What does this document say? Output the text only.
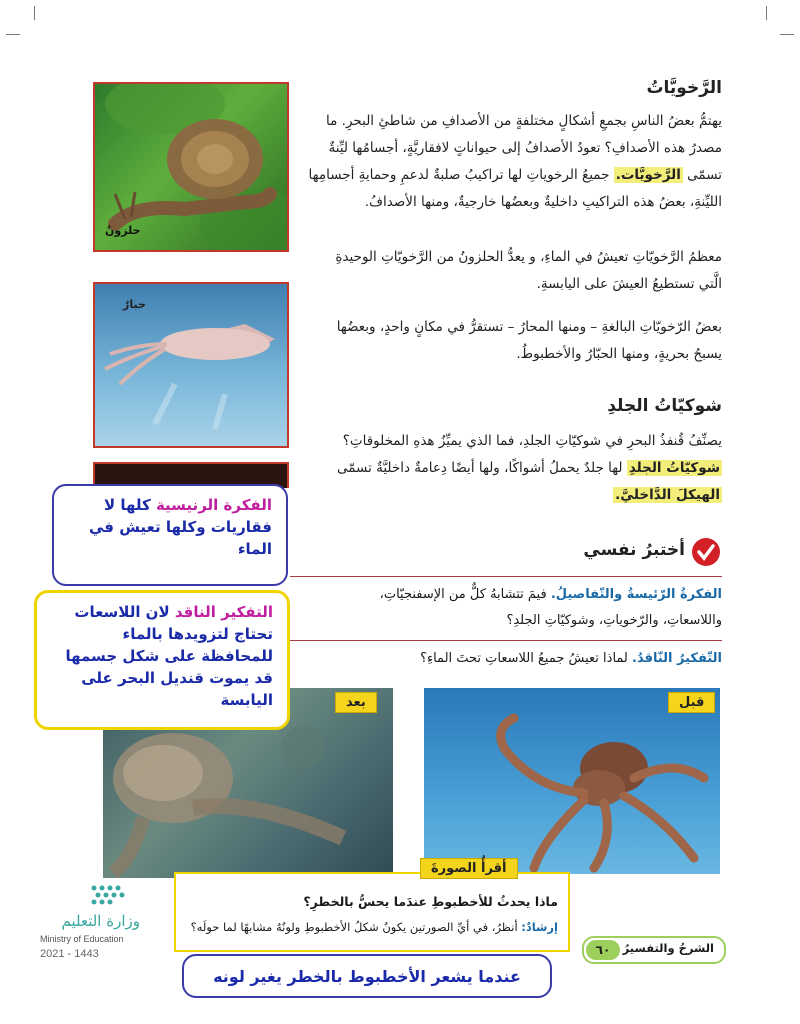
حلزونٌ
حبارٌ
الرَّخويَّاتُ
يهتمُّ بعضُ الناسِ بجمعِ أشكالٍ مختلفةٍ من الأصدافِ من شاطئِ البحرِ. ما
مصدرُ هذه الأصدافِ؟ تعودُ الأصدافُ إلى حيواناتٍ لافقاريَّةٍ، أجسامُها ليِّنةٌ
تسمّى الرَّخويَّات. جميعُ الرخوياتِ لها تراكيبُ صلبةٌ لدعمِ وحمايةِ أجسامِها
الليِّنةِ، بعضُ هذه التراكيبِ داخليةٌ وبعضُها خارجيةٌ، ومنها الأصدافُ.
معظمُ الرَّخويّاتِ تعيشُ في الماءِ، و يعدُّ الحلزونُ من الرَّخويّاتِ الوحيدةِ
الَّتي تستطيعُ العيشَ على اليابسةِ.
بعضُ الرّخويّاتِ البالغةِ – ومنها المحارُ – تستقرُّ في مكانٍ واحدٍ، وبعضُها
يسبحُ بحريةٍ، ومنها الحبّارُ والأخطبوطُ.
شوكيّاتُ الجلدِ
يصنِّفُ قُنفذُ البحرِ في شوكيّاتِ الجلدِ، فما الذي يميِّزُ هذهِ المخلوقاتِ؟
شوكيّاتُ الجلدِ لها جلدٌ يحملُ أشواكًا، ولها أيضًا دِعامةٌ داخليَّةٌ تسمّى
الهيكلَ الدَّاخليَّ.
أختبرُ نفسي
الفكرةُ الرّئيسةُ والتّفاصيلُ. فيمَ تتشابهُ كلٌّ من الإسفنجيّاتِ،
واللاسعاتِ، والرّخوياتِ، وشوكيّاتِ الجلدِ؟
التّفكيرُ النّاقدُ. لماذا تعيشُ جميعُ اللاسعاتِ تحتَ الماءِ؟
بعد	قبل
ماذا يحدثُ للأخطبوطِ عندَما يحسُّ بالخطرِ؟
إرشادٌ: أنظرُ، في أيِّ الصورتين يكونُ شكلُ الأخطبوطِ ولونُهُ مشابهًا لما حولَه؟
أقرأُ الصورةَ
الفكرة الرنيسية كلها لا فقاريات وكلها تعيش في الماء
التفكير الناقد لان اللاسعات تحتاج لتزويدها بالماء للمحافظة على شكل جسمها قد يموت قنديل البحر على اليابسة
عندما يشعر الأخطبوط بالخطر يغير لونه
الشرحُ والتفسيرُ
٦٠
وزارة التعليم
Ministry of Education
2021 - 1443
